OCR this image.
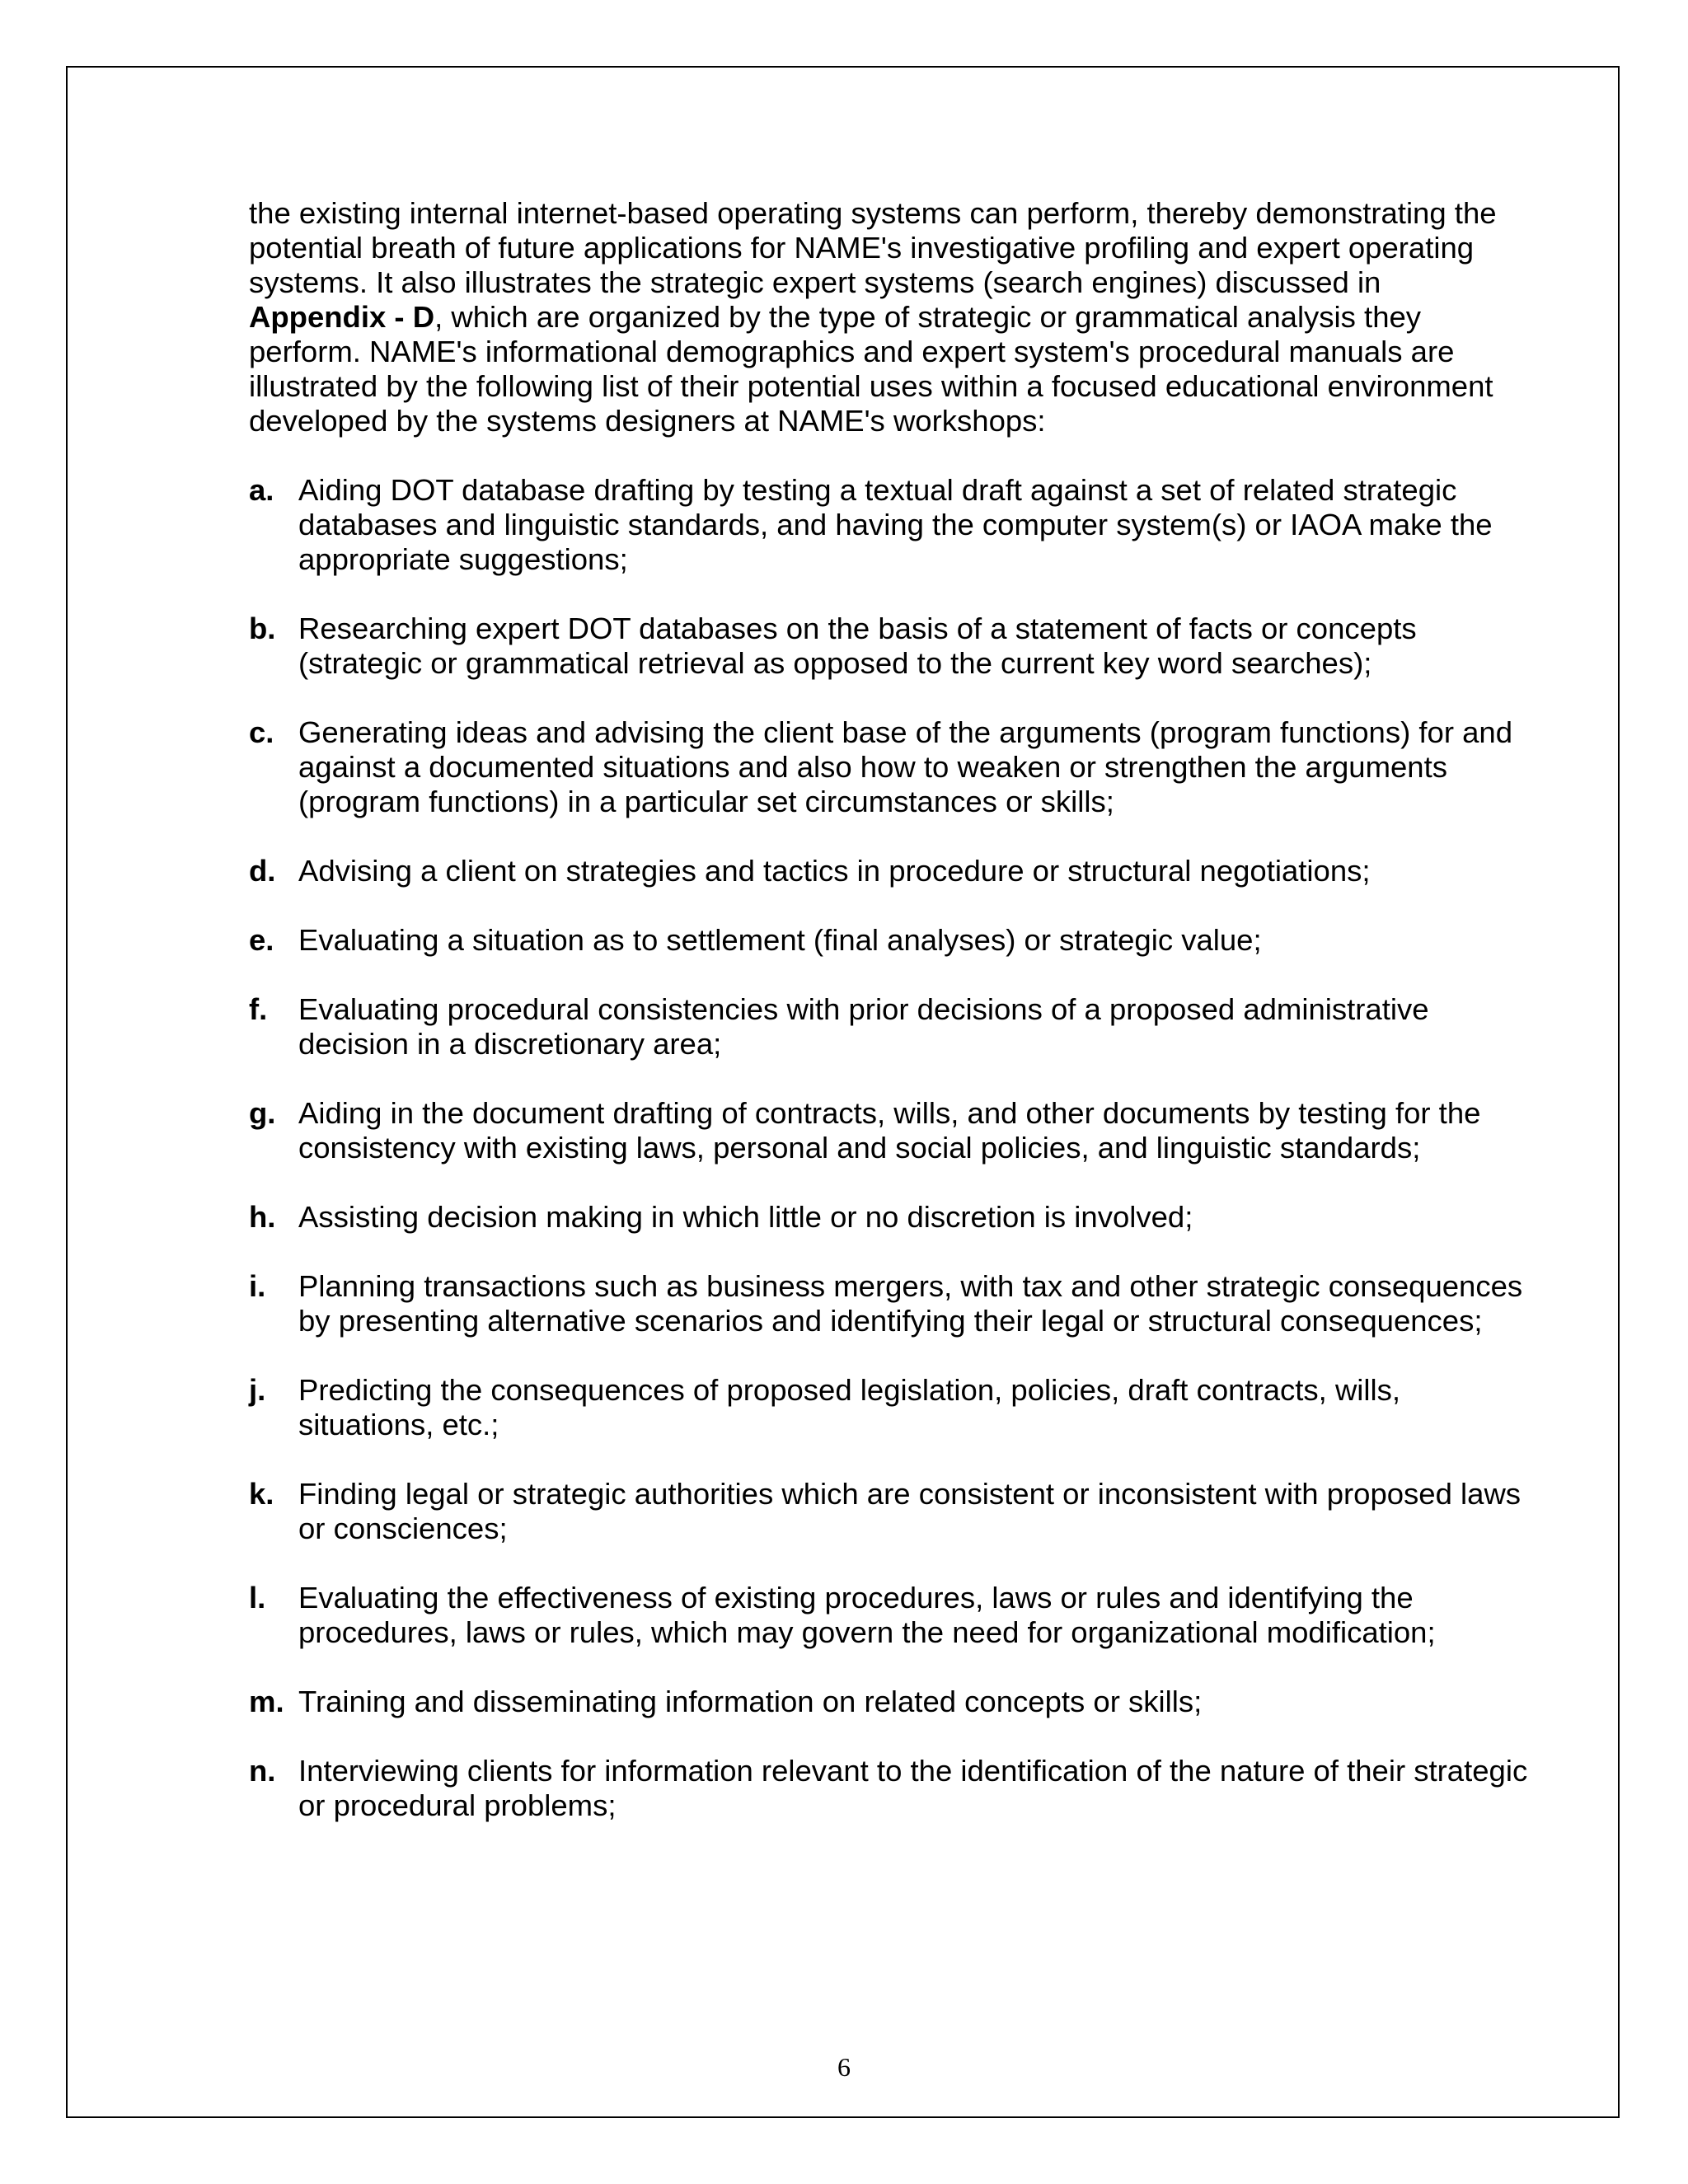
the existing internal internet-based operating systems can perform, thereby demonstrating the potential breath of future applications for NAME's investigative profiling and expert operating systems. It also illustrates the strategic expert systems (search engines) discussed in Appendix - D, which are organized by the type of strategic or grammatical analysis they perform. NAME's informational demographics and expert system's procedural manuals are illustrated by the following list of their potential uses within a focused educational environment developed by the systems designers at NAME's workshops:

a. Aiding DOT database drafting by testing a textual draft against a set of related strategic databases and linguistic standards, and having the computer system(s) or IAOA make the appropriate suggestions;
b. Researching expert DOT databases on the basis of a statement of facts or concepts (strategic or grammatical retrieval as opposed to the current key word searches);
c. Generating ideas and advising the client base of the arguments (program functions) for and against a documented situations and also how to weaken or strengthen the arguments (program functions) in a particular set circumstances or skills;
d. Advising a client on strategies and tactics in procedure or structural negotiations;
e. Evaluating a situation as to settlement (final analyses) or strategic value;
f. Evaluating procedural consistencies with prior decisions of a proposed administrative decision in a discretionary area;
g. Aiding in the document drafting of contracts, wills, and other documents by testing for the consistency with existing laws, personal and social policies, and linguistic standards;
h. Assisting decision making in which little or no discretion is involved;
i. Planning transactions such as business mergers, with tax and other strategic consequences by presenting alternative scenarios and identifying their legal or structural consequences;
j. Predicting the consequences of proposed legislation, policies, draft contracts, wills, situations, etc.;
k. Finding legal or strategic authorities which are consistent or inconsistent with proposed laws or consciences;
l. Evaluating the effectiveness of existing procedures, laws or rules and identifying the procedures, laws or rules, which may govern the need for organizational modification;
m. Training and disseminating information on related concepts or skills;
n. Interviewing clients for information relevant to the identification of the nature of their strategic or procedural problems;
6
